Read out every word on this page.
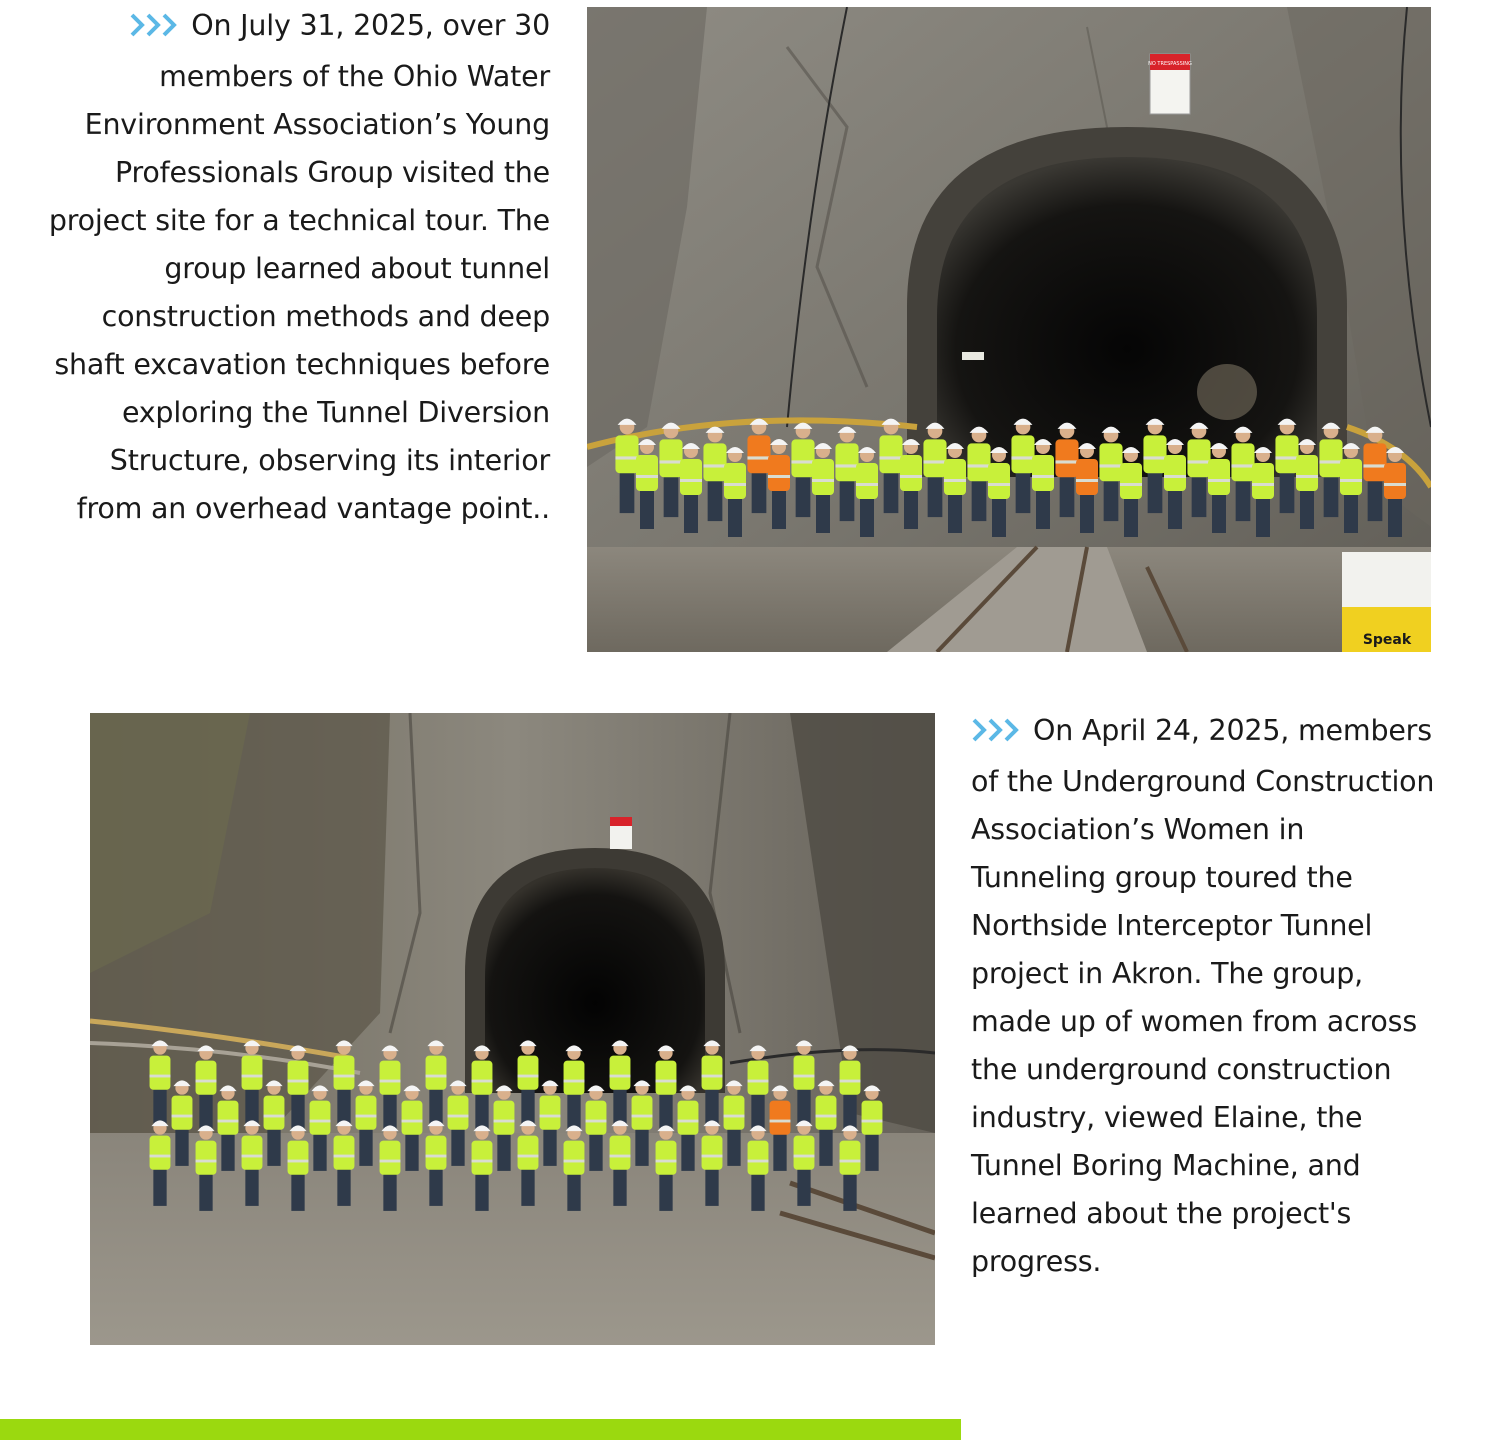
On July 31, 2025, over 30 members of the Ohio Water Environment Association’s Young Professionals Group visited the project site for a technical tour. The group learned about tunnel construction methods and deep shaft excavation techniques before exploring the Tunnel Diversion Structure, observing its interior from an overhead vantage point..
NO TRESPASSING
Speak
On April 24, 2025, members of the Underground Construction Association’s Women in Tunneling group toured the Northside Interceptor Tunnel project in Akron. The group, made up of women from across the underground construction industry, viewed Elaine, the Tunnel Boring Machine, and learned about the project's progress.
